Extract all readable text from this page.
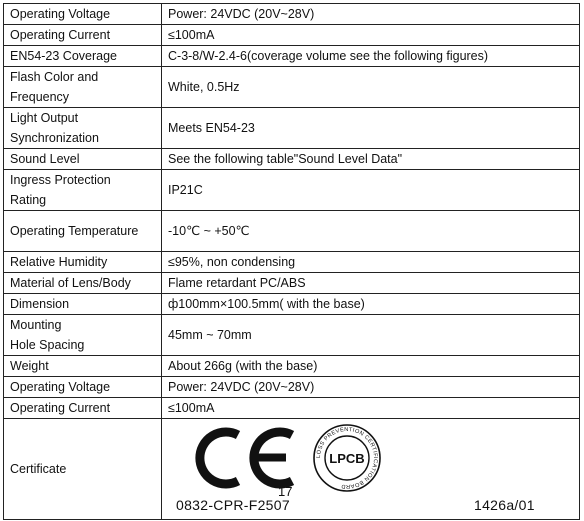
Operating Voltage	Power: 24VDC (20V~28V)

Operating Current	≤100mA

EN54-23 Coverage	C-3-8/W-2.4-6(coverage volume see the following figures)

Flash Color and
Frequency	White, 0.5Hz

Light Output
Synchronization	Meets EN54-23

Sound Level	See the following table"Sound Level Data"

Ingress Protection
Rating	IP21C

Operating Temperature	-10℃ ~ +50℃

Relative Humidity	≤95%, non condensing

Material of Lens/Body	Flame retardant PC/ABS

Dimension	ф100mm×100.5mm( with the base)

Mounting
Hole Spacing	45mm ~ 70mm

Weight	About 266g (with the base)

Operating Voltage	Power: 24VDC (20V~28V)

Operating Current	≤100mA
Certificate	17
LOSS PREVENTION CERTIFICATION BOARD
LPCB
0832-CPR-F2507 1426a/01
